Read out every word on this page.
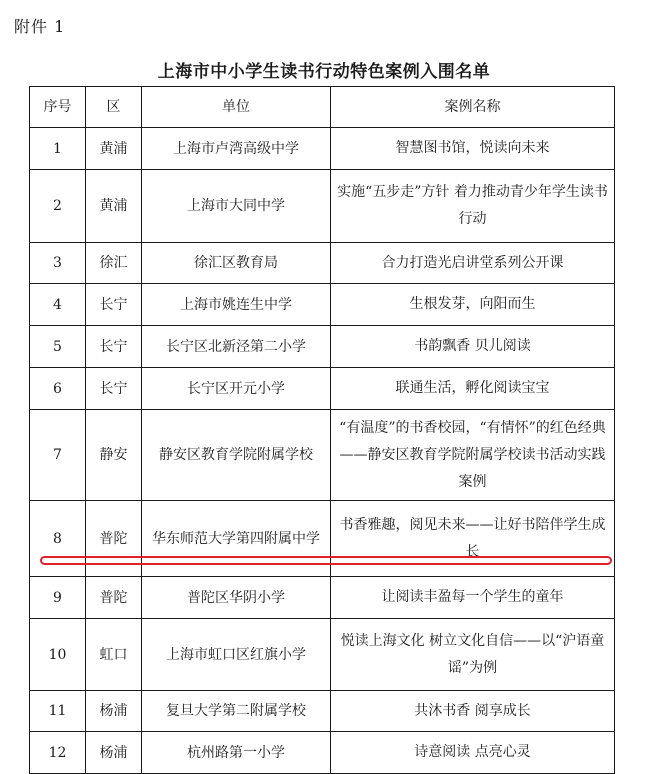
附件 1
上海市中小学生读书行动特色案例入围名单
序号	区	单位	案例名称
1	黄浦	上海市卢湾高级中学	智慧图书馆，悦读向未来
2	黄浦	上海市大同中学	实施“五步走”方针 着力推动青少年学生读书行动
3	徐汇	徐汇区教育局	合力打造光启讲堂系列公开课
4	长宁	上海市姚连生中学	生根发芽，向阳而生
5	长宁	长宁区北新泾第二小学	书韵飘香 贝儿阅读
6	长宁	长宁区开元小学	联通生活，孵化阅读宝宝
7	静安	静安区教育学院附属学校	“有温度”的书香校园，“有情怀”的红色经典——静安区教育学院附属学校读书活动实践案例
8	普陀	华东师范大学第四附属中学	书香雅趣，阅见未来——让好书陪伴学生成长
9	普陀	普陀区华阴小学	让阅读丰盈每一个学生的童年
10	虹口	上海市虹口区红旗小学	悦读上海文化 树立文化自信——以“沪语童谣”为例
11	杨浦	复旦大学第二附属学校	共沐书香 阅享成长
12	杨浦	杭州路第一小学	诗意阅读 点亮心灵
